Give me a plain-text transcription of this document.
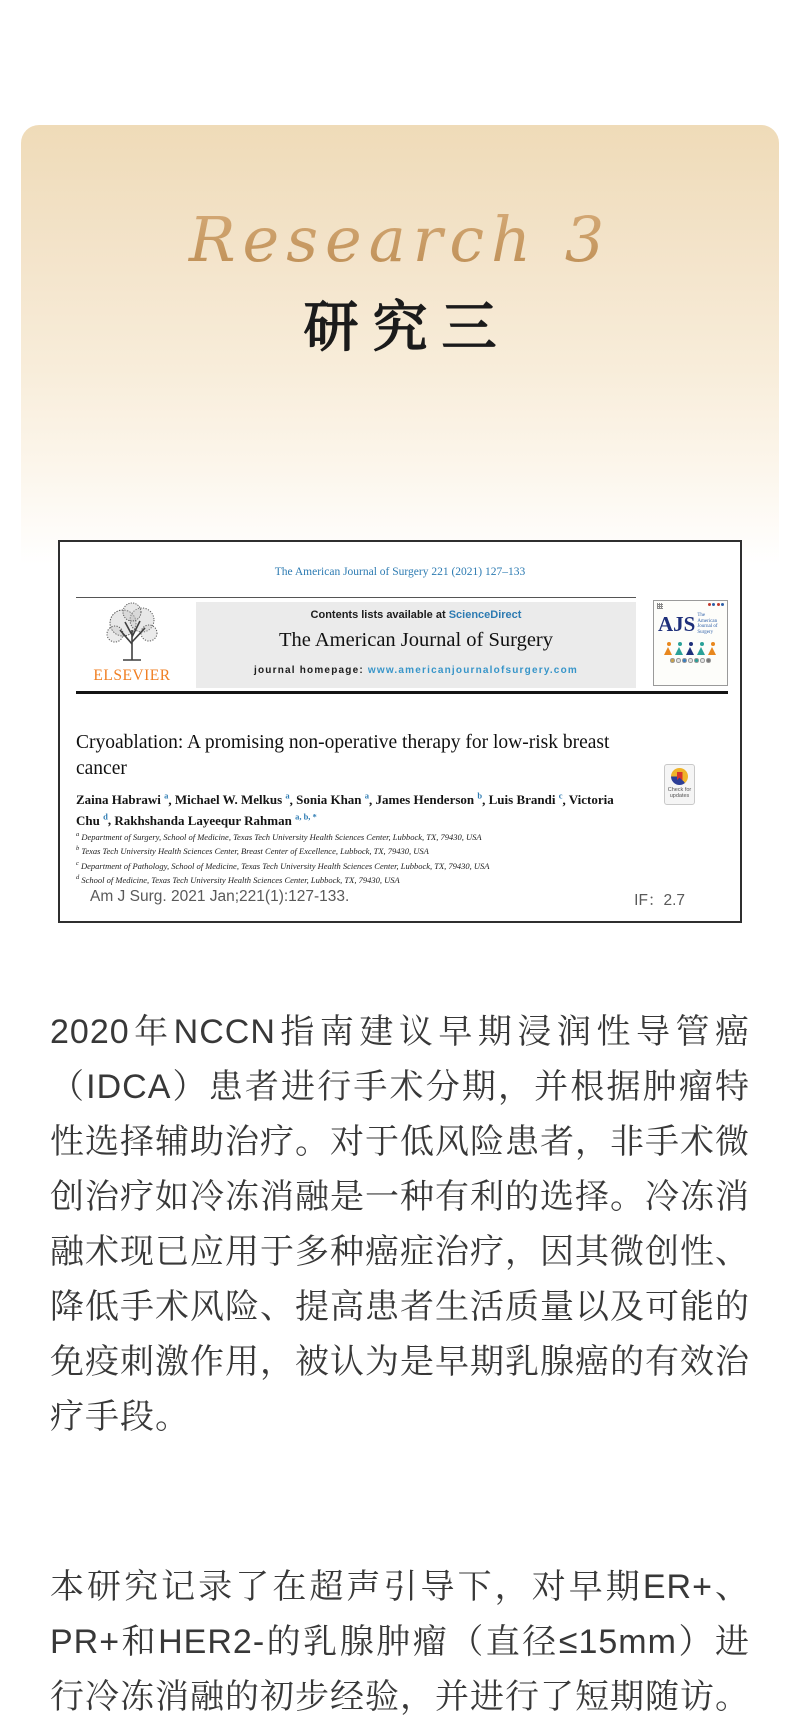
Research 3
研究三
The American Journal of Surgery 221 (2021) 127–133
ELSEVIER
Contents lists available at ScienceDirect
The American Journal of Surgery
journal homepage: www.americanjournalofsurgery.com
AJS The American Journal of Surgery
Cryoablation: A promising non-operative therapy for low-risk breast cancer
Check for updates
Zaina Habrawi $^a$, Michael W. Melkus $^a$, Sonia Khan $^a$, James Henderson $^b$, Luis Brandi $^c$, Victoria Chu $^d$, Rakhshanda Layeequr Rahman $^{a, b, *}$
$^a$ Department of Surgery, School of Medicine, Texas Tech University Health Sciences Center, Lubbock, TX, 79430, USA
$^b$ Texas Tech University Health Sciences Center, Breast Center of Excellence, Lubbock, TX, 79430, USA
$^c$ Department of Pathology, School of Medicine, Texas Tech University Health Sciences Center, Lubbock, TX, 79430, USA
$^d$ School of Medicine, Texas Tech University Health Sciences Center, Lubbock, TX, 79430, USA
Am J Surg. 2021 Jan;221(1):127-133.	IF：2.7

2020年NCCN指南建议早期浸润性导管癌（IDCA）患者进行手术分期，并根据肿瘤特性选择辅助治疗。对于低风险患者，非手术微创治疗如冷冻消融是一种有利的选择。冷冻消融术现已应用于多种癌症治疗，因其微创性、降低手术风险、提高患者生活质量以及可能的免疫刺激作用，被认为是早期乳腺癌的有效治疗手段。

本研究记录了在超声引导下，对早期ER+、PR+和HER2-的乳腺肿瘤（直径≤15mm）进行冷冻消融的初步经验，并进行了短期随访。
